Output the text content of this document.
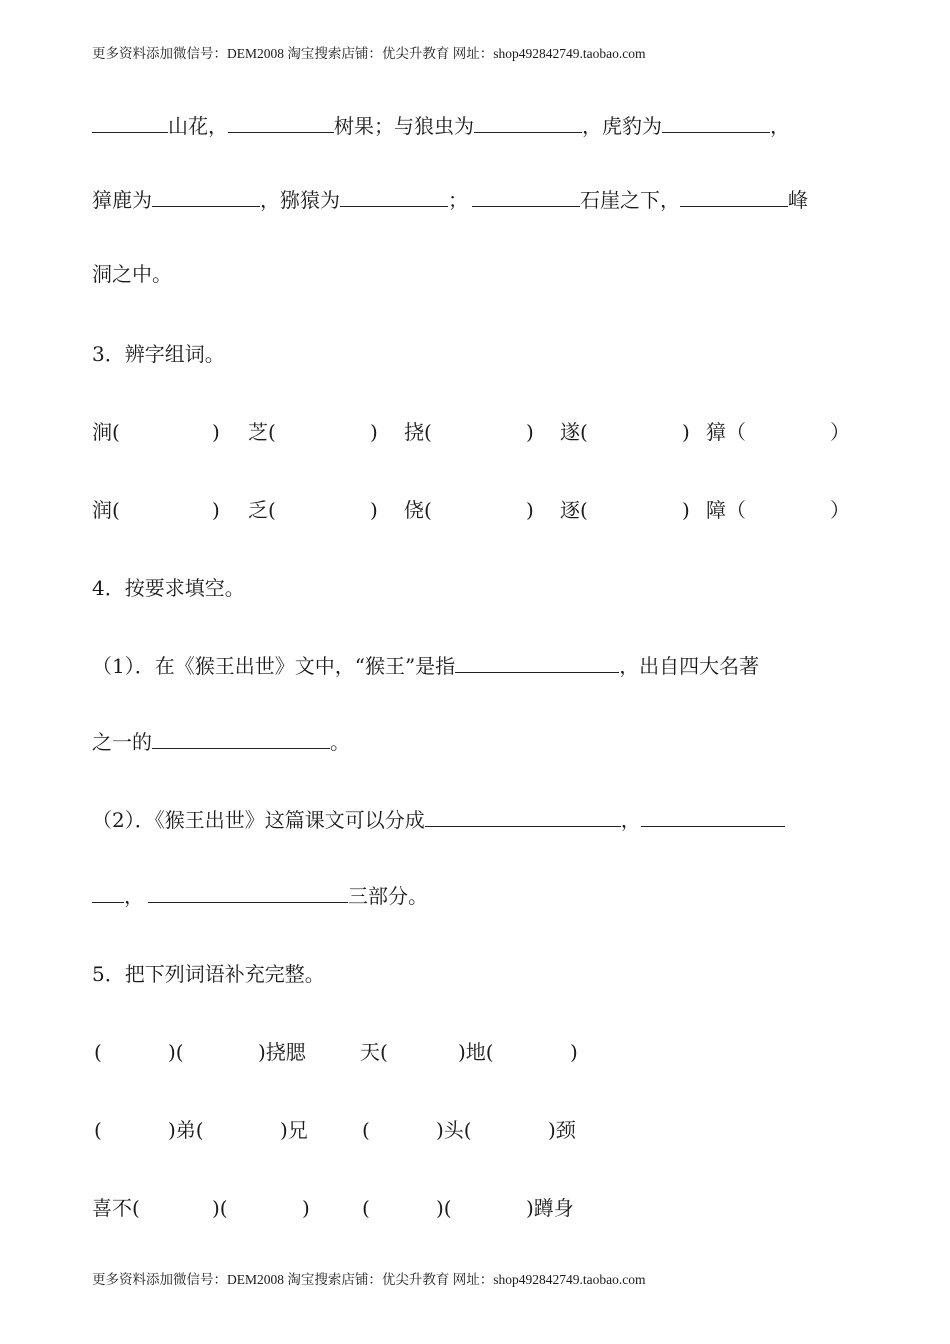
更多资料添加微信号：DEM2008 淘宝搜索店铺：优尖升教育 网址：shop492842749.taobao.com
山花，	树果；与狼虫为	，虎豹为	，
獐鹿为	，猕猿为	；	石崖之下，	峰
洞之中。
3．辨字组词。
涧(	) 芝(	) 挠(	) 遂(	) 獐（	）
润(	) 乏(	) 侥(	) 逐(	) 障（	）
4．按要求填空。
（1）．在《猴王出世》文中，“猴王”是指	，出自四大名著
之一的	。
（2）．《猴王出世》这篇课文可以分成	，
，	三部分。
5．把下列词语补充完整。
(	)(	)挠腮	天(	)地(	)
(	)弟(	)兄	(	)头(	)颈
喜不(	)(	)	(	)(	)蹲身
更多资料添加微信号：DEM2008 淘宝搜索店铺：优尖升教育 网址：shop492842749.taobao.com
